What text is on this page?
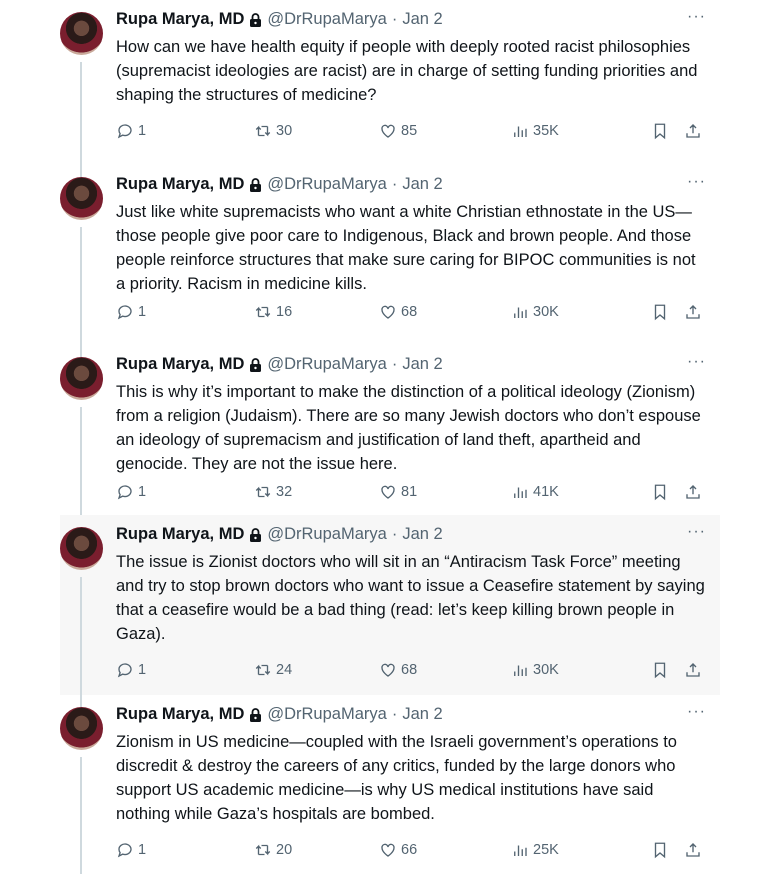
Rupa Marya, MD @DrRupaMarya · Jan 2	···
How can we have health equity if people with deeply rooted racist philosophies (supremacist ideologies are racist) are in charge of setting funding priorities and shaping the structures of medicine?
1	30	85	35K
Rupa Marya, MD @DrRupaMarya · Jan 2	···
Just like white supremacists who want a white Christian ethnostate in the US—those people give poor care to Indigenous, Black and brown people. And those people reinforce structures that make sure caring for BIPOC communities is not a priority. Racism in medicine kills.
1	16	68	30K
Rupa Marya, MD @DrRupaMarya · Jan 2	···
This is why it’s important to make the distinction of a political ideology (Zionism) from a religion (Judaism). There are so many Jewish doctors who don’t espouse an ideology of supremacism and justification of land theft, apartheid and genocide. They are not the issue here.
1	32	81	41K
Rupa Marya, MD @DrRupaMarya · Jan 2	···
The issue is Zionist doctors who will sit in an “Antiracism Task Force” meeting and try to stop brown doctors who want to issue a Ceasefire statement by saying that a ceasefire would be a bad thing (read: let’s keep killing brown people in Gaza).
1	24	68	30K
Rupa Marya, MD @DrRupaMarya · Jan 2	···
Zionism in US medicine—coupled with the Israeli government’s operations to discredit & destroy the careers of any critics, funded by the large donors who support US academic medicine—is why US medical institutions have said nothing while Gaza’s hospitals are bombed.
1	20	66	25K
